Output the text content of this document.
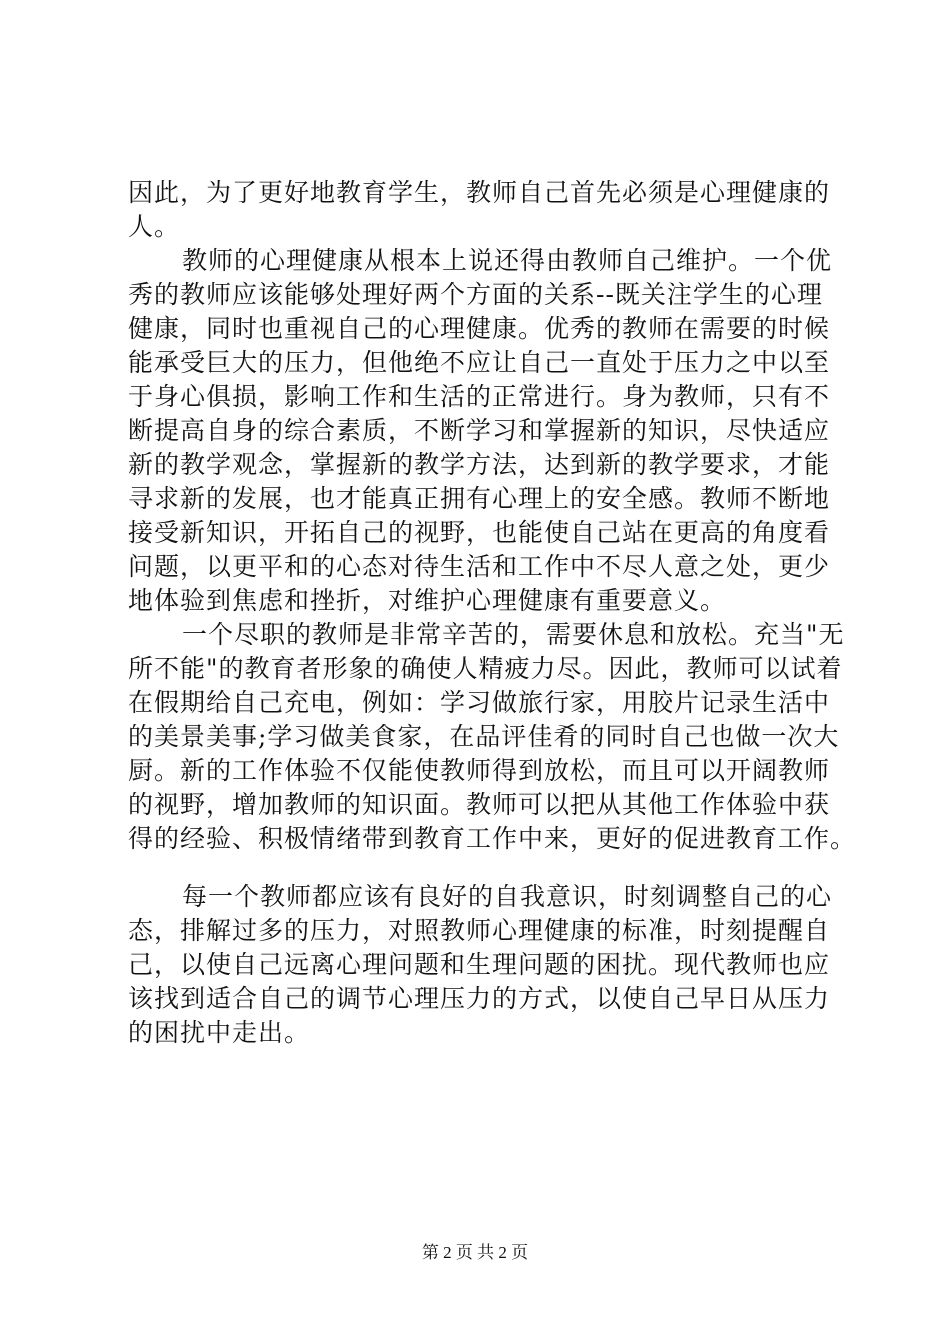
因此，为了更好地教育学生，教师自己首先必须是心理健康的
人。
教师的心理健康从根本上说还得由教师自己维护。一个优
秀的教师应该能够处理好两个方面的关系--既关注学生的心理
健康，同时也重视自己的心理健康。优秀的教师在需要的时候
能承受巨大的压力，但他绝不应让自己一直处于压力之中以至
于身心俱损，影响工作和生活的正常进行。身为教师，只有不
断提高自身的综合素质，不断学习和掌握新的知识，尽快适应
新的教学观念，掌握新的教学方法，达到新的教学要求，才能
寻求新的发展，也才能真正拥有心理上的安全感。教师不断地
接受新知识，开拓自己的视野，也能使自己站在更高的角度看
问题，以更平和的心态对待生活和工作中不尽人意之处，更少
地体验到焦虑和挫折，对维护心理健康有重要意义。
一个尽职的教师是非常辛苦的，需要休息和放松。充当"无
所不能"的教育者形象的确使人精疲力尽。因此，教师可以试着
在假期给自己充电，例如：学习做旅行家，用胶片记录生活中
的美景美事;学习做美食家，在品评佳肴的同时自己也做一次大
厨。新的工作体验不仅能使教师得到放松，而且可以开阔教师
的视野，增加教师的知识面。教师可以把从其他工作体验中获
得的经验、积极情绪带到教育工作中来，更好的促进教育工作。
每一个教师都应该有良好的自我意识，时刻调整自己的心
态，排解过多的压力，对照教师心理健康的标准，时刻提醒自
己，以使自己远离心理问题和生理问题的困扰。现代教师也应
该找到适合自己的调节心理压力的方式，以使自己早日从压力
的困扰中走出。
第 2 页 共 2 页
